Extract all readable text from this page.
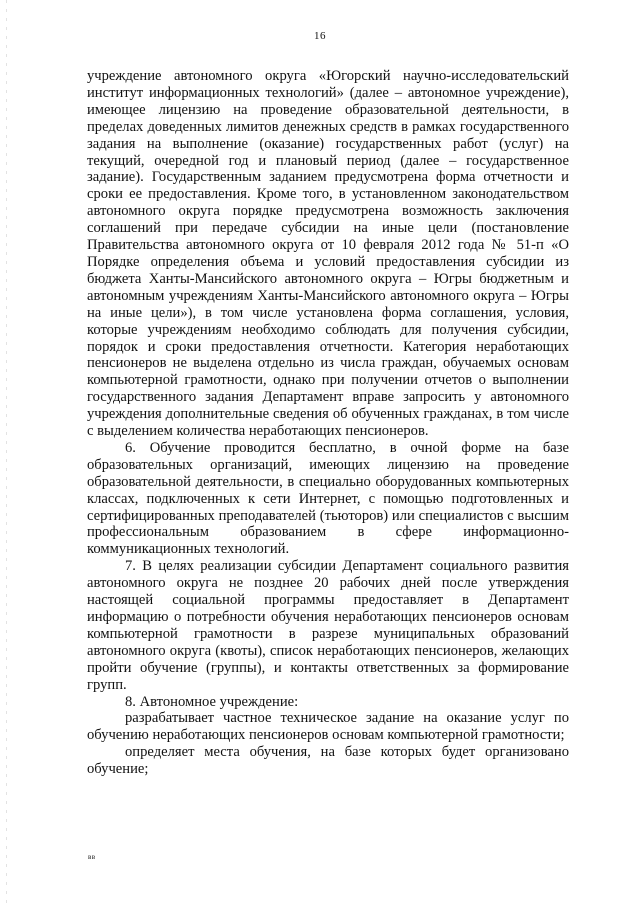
16

учреждение автономного округа «Югорский научно-исследовательский институт информационных технологий» (далее – автономное учреждение), имеющее лицензию на проведение образовательной деятельности, в пределах доведенных лимитов денежных средств в рамках государственного задания на выполнение (оказание) государственных работ (услуг) на текущий, очередной год и плановый период (далее – государственное задание). Государственным заданием предусмотрена форма отчетности и сроки ее предоставления. Кроме того, в установленном законодательством автономного округа порядке предусмотрена возможность заключения соглашений при передаче субсидии на иные цели (постановление Правительства автономного округа от 10 февраля 2012 года № 51-п «О Порядке определения объема и условий предоставления субсидии из бюджета Ханты-Мансийского автономного округа – Югры бюджетным и автономным учреждениям Ханты-Мансийского автономного округа – Югры на иные цели»), в том числе установлена форма соглашения, условия, которые учреждениям необходимо соблюдать для получения субсидии, порядок и сроки предоставления отчетности. Категория неработающих пенсионеров не выделена отдельно из числа граждан, обучаемых основам компьютерной грамотности, однако при получении отчетов о выполнении государственного задания Департамент вправе запросить у автономного учреждения дополнительные сведения об обученных гражданах, в том числе с выделением количества неработающих пенсионеров.

6. Обучение проводится бесплатно, в очной форме на базе образовательных организаций, имеющих лицензию на проведение образовательной деятельности, в специально оборудованных компьютерных классах, подключенных к сети Интернет, с помощью подготовленных и сертифицированных преподавателей (тьюторов) или специалистов с высшим профессиональным образованием в сфере информационно-коммуникационных технологий.

7. В целях реализации субсидии Департамент социального развития автономного округа не позднее 20 рабочих дней после утверждения настоящей социальной программы предоставляет в Департамент информацию о потребности обучения неработающих пенсионеров основам компьютерной грамотности в разрезе муниципальных образований автономного округа (квоты), список неработающих пенсионеров, желающих пройти обучение (группы), и контакты ответственных за формирование групп.

8. Автономное учреждение:

разрабатывает частное техническое задание на оказание услуг по обучению неработающих пенсионеров основам компьютерной грамотности;

определяет места обучения, на базе которых будет организовано обучение;

вв
